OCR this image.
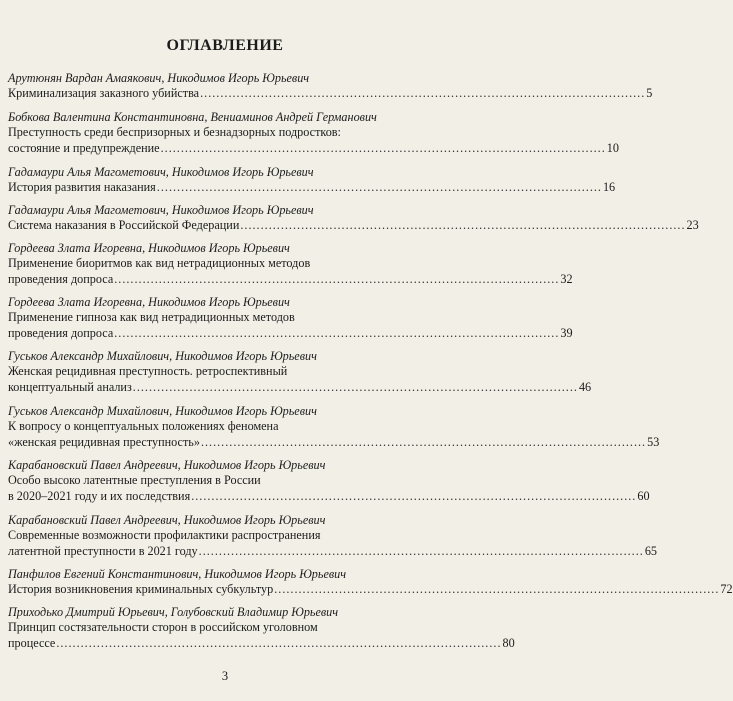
ОГЛАВЛЕНИЕ
Арутюнян Вардан Амаякович, Никодимов Игорь Юрьевич
Криминализация заказного убийства .............................................................................................................. 5
Бобкова Валентина Константиновна, Вениаминов Андрей Германович
Преступность среди беспризорных и безнадзорных подростков:
состояние и предупреждение .............................................................................................................. 10
Гадамаури Алья Магометович, Никодимов Игорь Юрьевич
История развития наказания .............................................................................................................. 16
Гадамаури Алья Магометович, Никодимов Игорь Юрьевич
Система наказания в Российской Федерации .............................................................................................................. 23
Гордеева Злата Игоревна, Никодимов Игорь Юрьевич
Применение биоритмов как вид нетрадиционных методов
проведения допроса .............................................................................................................. 32
Гордеева Злата Игоревна, Никодимов Игорь Юрьевич
Применение гипноза как вид нетрадиционных методов
проведения допроса .............................................................................................................. 39
Гуськов Александр Михайлович, Никодимов Игорь Юрьевич
Женская рецидивная преступность. ретроспективный
концептуальный анализ .............................................................................................................. 46
Гуськов Александр Михайлович, Никодимов Игорь Юрьевич
К вопросу о концептуальных положениях феномена
«женская рецидивная преступность» .............................................................................................................. 53
Карабановский Павел Андреевич, Никодимов Игорь Юрьевич
Особо высоко латентные преступления в России
в 2020–2021 году и их последствия .............................................................................................................. 60
Карабановский Павел Андреевич, Никодимов Игорь Юрьевич
Современные возможности профилактики распространения
латентной преступности в 2021 году .............................................................................................................. 65
Панфилов Евгений Константинович, Никодимов Игорь Юрьевич
История возникновения криминальных субкультур .............................................................................................................. 72
Приходько Дмитрий Юрьевич, Голубовский Владимир Юрьевич
Принцип состязательности сторон в российском уголовном
процессе .............................................................................................................. 80
3
